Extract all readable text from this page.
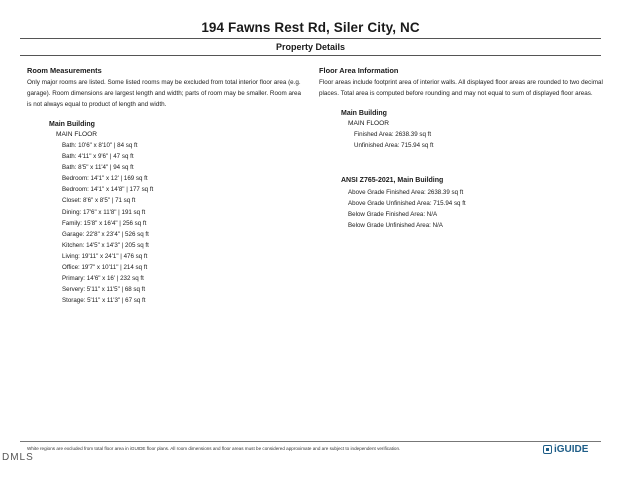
194 Fawns Rest Rd, Siler City, NC
Property Details
Room Measurements

Only major rooms are listed. Some listed rooms may be excluded from total interior floor area (e.g. garage). Room dimensions are largest length and width; parts of room may be smaller. Room area is not always equal to product of length and width.

Main Building
MAIN FLOOR
Bath: 10'6" x 8'10" | 84 sq ft
Bath: 4'11" x 9'6" | 47 sq ft
Bath: 8'5" x 11'4" | 94 sq ft
Bedroom: 14'1" x 12' | 169 sq ft
Bedroom: 14'1" x 14'8" | 177 sq ft
Closet: 8'6" x 8'5" | 71 sq ft
Dining: 17'6" x 11'8" | 191 sq ft
Family: 15'8" x 16'4" | 256 sq ft
Garage: 22'8" x 23'4" | 526 sq ft
Kitchen: 14'5" x 14'3" | 205 sq ft
Living: 19'11" x 24'1" | 476 sq ft
Office: 19'7" x 10'11" | 214 sq ft
Primary: 14'6" x 16' | 232 sq ft
Servery: 5'11" x 11'5" | 68 sq ft
Storage: 5'11" x 11'3" | 67 sq ft
Floor Area Information

Floor areas include footprint area of interior walls. All displayed floor areas are rounded to two decimal places. Total area is computed before rounding and may not equal to sum of displayed floor areas.

Main Building
MAIN FLOOR
Finished Area: 2638.39 sq ft
Unfinished Area: 715.94 sq ft
ANSI Z765-2021, Main Building
Above Grade Finished Area: 2638.39 sq ft
Above Grade Unfinished Area: 715.94 sq ft
Below Grade Finished Area: N/A
Below Grade Unfinished Area: N/A
White regions are excluded from total floor area in iGUIDE floor plans. All room dimensions and floor areas must be considered approximate and are subject to independent verification.	iGUIDE
DMLS
